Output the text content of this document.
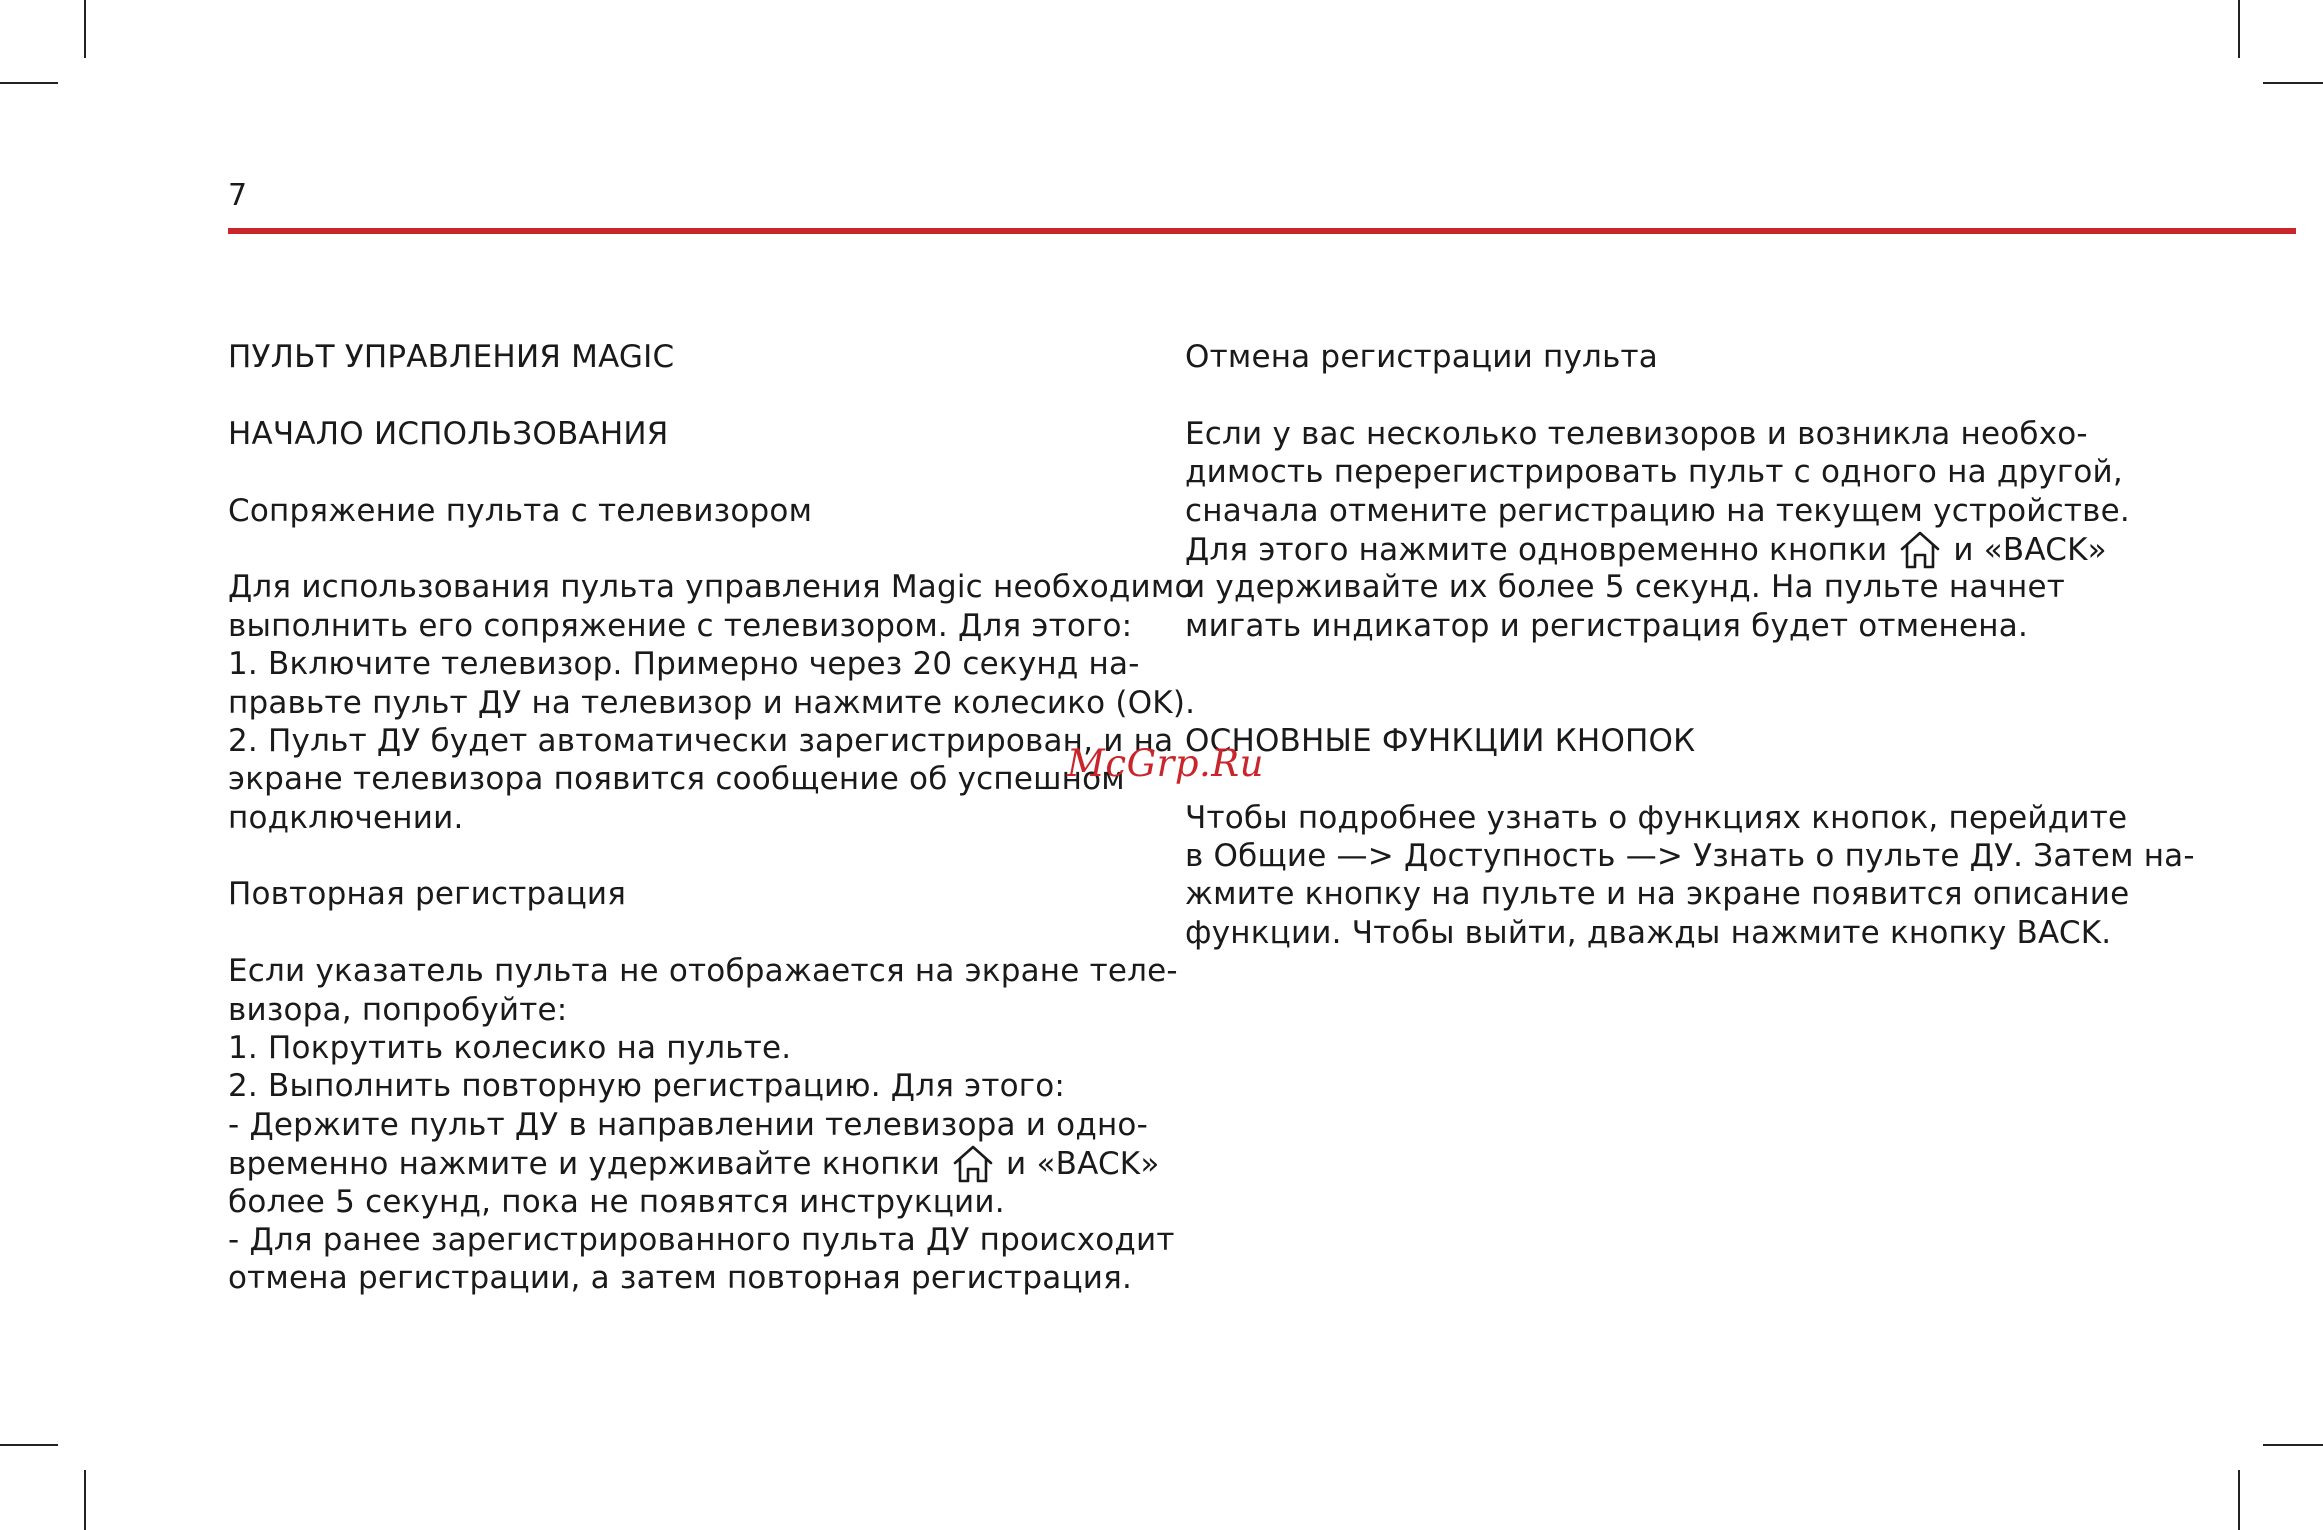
7
ПУЛЬТ УПРАВЛЕНИЯ MAGIC
НАЧАЛО ИСПОЛЬЗОВАНИЯ
Сопряжение пульта с телевизором
Для использования пульта управления Magic необходимо
выполнить его сопряжение с телевизором. Для этого:
1. Включите телевизор. Примерно через 20 секунд на-
правьте пульт ДУ на телевизор и нажмите колесико (OK).
2. Пульт ДУ будет автоматически зарегистрирован, и на
экране телевизора появится сообщение об успешном
подключении.
Повторная регистрация
Если указатель пульта не отображается на экране теле-
визора, попробуйте:
1. Покрутить колесико на пульте.
2. Выполнить повторную регистрацию. Для этого:
- Держите пульт ДУ в направлении телевизора и одно-
временно нажмите и удерживайте кнопки и «BACK»
более 5 секунд, пока не появятся инструкции.
- Для ранее зарегистрированного пульта ДУ происходит
отмена регистрации, а затем повторная регистрация.
Отмена регистрации пульта
Если у вас несколько телевизоров и возникла необхо-
димость перерегистрировать пульт с одного на другой,
сначала отмените регистрацию на текущем устройстве.
Для этого нажмите одновременно кнопки и «BACK»
и удерживайте их более 5 секунд. На пульте начнет
мигать индикатор и регистрация будет отменена.
ОСНОВНЫЕ ФУНКЦИИ КНОПОК
Чтобы подробнее узнать о функциях кнопок, перейдите
в Общие —> Доступность —> Узнать о пульте ДУ. Затем на-
жмите кнопку на пульте и на экране появится описание
функции. Чтобы выйти, дважды нажмите кнопку BACK.
McGrp.Ru
